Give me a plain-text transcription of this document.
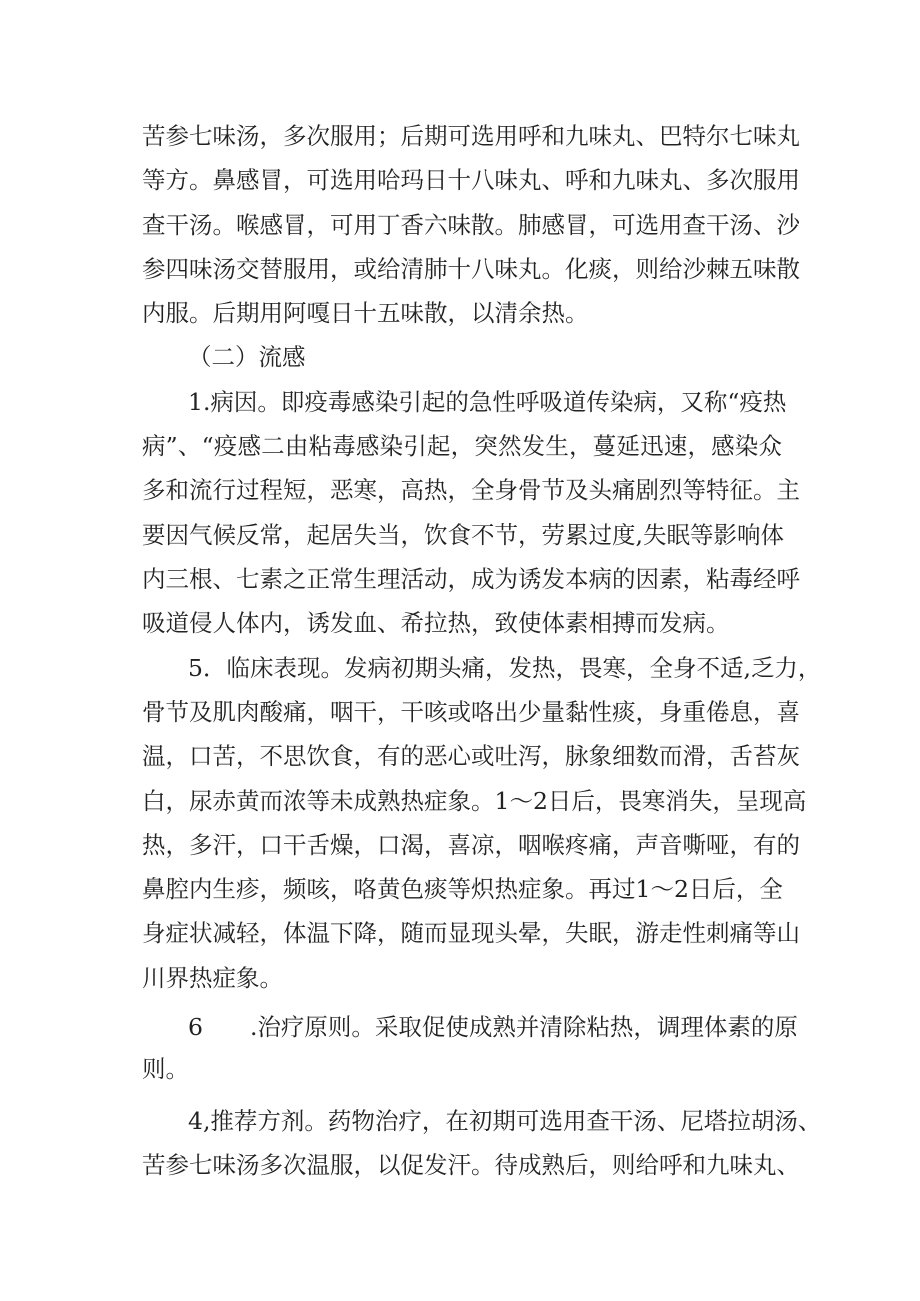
苦参七味汤，多次服用；后期可选用呼和九味丸、巴特尔七味丸
等方。鼻感冒，可选用哈玛日十八味丸、呼和九味丸、多次服用
查干汤。喉感冒，可用丁香六味散。肺感冒，可选用查干汤、沙
参四味汤交替服用，或给清肺十八味丸。化痰，则给沙棘五味散
内服。后期用阿嘎日十五味散，以清余热。
（二）流感
1.病因。即疫毒感染引起的急性呼吸道传染病，又称“疫热
病”、“疫感二由粘毒感染引起，突然发生，蔓延迅速，感染众
多和流行过程短，恶寒，高热，全身骨节及头痛剧烈等特征。主
要因气候反常，起居失当，饮食不节，劳累过度,失眠等影响体
内三根、七素之正常生理活动，成为诱发本病的因素，粘毒经呼
吸道侵人体内，诱发血、希拉热，致使体素相搏而发病。
5．临床表现。发病初期头痛，发热，畏寒，全身不适,乏力，
骨节及肌肉酸痛，咽干，干咳或咯出少量黏性痰，身重倦息，喜
温，口苦，不思饮食，有的恶心或吐泻，脉象细数而滑，舌苔灰
白，尿赤黄而浓等未成熟热症象。1～2日后，畏寒消失，呈现高
热，多汗，口干舌燥，口渴，喜凉，咽喉疼痛，声音嘶哑，有的
鼻腔内生疹，频咳，咯黄色痰等炽热症象。再过1～2日后，全
身症状减轻，体温下降，随而显现头晕，失眠，游走性刺痛等山
川界热症象。
6　　.治疗原则。采取促使成熟并清除粘热，调理体素的原
则。
4,推荐方剂。药物治疗，在初期可选用查干汤、尼塔拉胡汤、
苦参七味汤多次温服，以促发汗。待成熟后，则给呼和九味丸、
